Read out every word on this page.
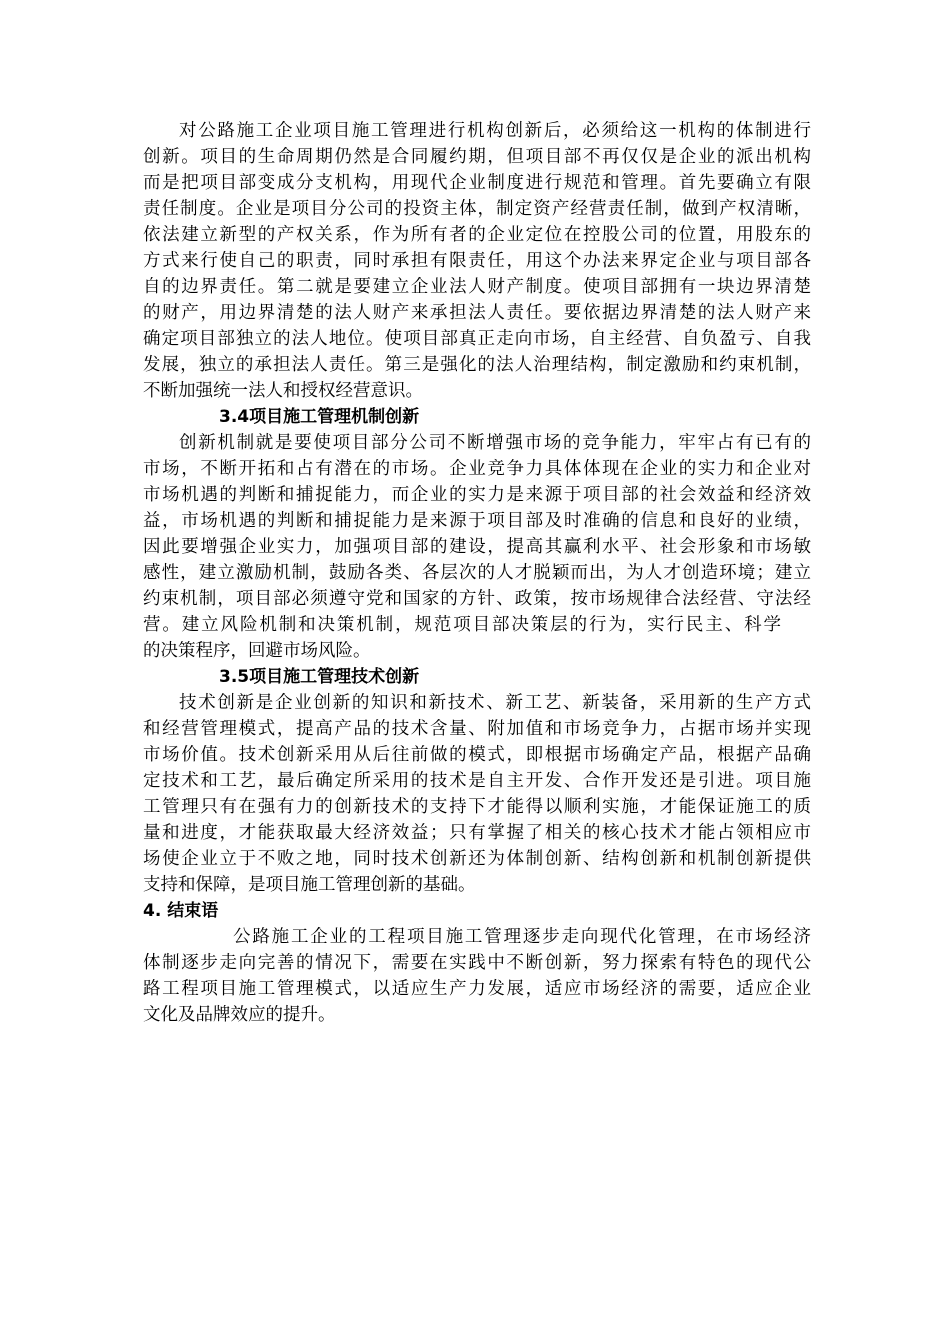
对公路施工企业项目施工管理进行机构创新后，必须给这一机构的体制进行
创新。项目的生命周期仍然是合同履约期，但项目部不再仅仅是企业的派出机构
而是把项目部变成分支机构，用现代企业制度进行规范和管理。首先要确立有限
责任制度。企业是项目分公司的投资主体，制定资产经营责任制，做到产权清晰，
依法建立新型的产权关系，作为所有者的企业定位在控股公司的位置，用股东的
方式来行使自己的职责，同时承担有限责任，用这个办法来界定企业与项目部各
自的边界责任。第二就是要建立企业法人财产制度。使项目部拥有一块边界清楚
的财产，用边界清楚的法人财产来承担法人责任。要依据边界清楚的法人财产来
确定项目部独立的法人地位。使项目部真正走向市场，自主经营、自负盈亏、自我
发展，独立的承担法人责任。第三是强化的法人治理结构，制定激励和约束机制，
不断加强统一法人和授权经营意识。
3.4项目施工管理机制创新
创新机制就是要使项目部分公司不断增强市场的竞争能力，牢牢占有已有的
市场，不断开拓和占有潜在的市场。企业竞争力具体体现在企业的实力和企业对
市场机遇的判断和捕捉能力，而企业的实力是来源于项目部的社会效益和经济效
益，市场机遇的判断和捕捉能力是来源于项目部及时准确的信息和良好的业绩，
因此要增强企业实力，加强项目部的建设，提高其赢利水平、社会形象和市场敏
感性，建立激励机制，鼓励各类、各层次的人才脱颖而出，为人才创造环境；建立
约束机制，项目部必须遵守党和国家的方针、政策，按市场规律合法经营、守法经
营。建立风险机制和决策机制，规范项目部决策层的行为，实行民主、科学
的决策程序，回避市场风险。
3.5项目施工管理技术创新
技术创新是企业创新的知识和新技术、新工艺、新装备，采用新的生产方式
和经营管理模式，提高产品的技术含量、附加值和市场竞争力，占据市场并实现
市场价值。技术创新采用从后往前做的模式，即根据市场确定产品，根据产品确
定技术和工艺，最后确定所采用的技术是自主开发、合作开发还是引进。项目施
工管理只有在强有力的创新技术的支持下才能得以顺利实施，才能保证施工的质
量和进度，才能获取最大经济效益；只有掌握了相关的核心技术才能占领相应市
场使企业立于不败之地，同时技术创新还为体制创新、结构创新和机制创新提供
支持和保障，是项目施工管理创新的基础。
4. 结束语
公路施工企业的工程项目施工管理逐步走向现代化管理，在市场经济
体制逐步走向完善的情况下，需要在实践中不断创新，努力探索有特色的现代公
路工程项目施工管理模式，以适应生产力发展，适应市场经济的需要，适应企业
文化及品牌效应的提升。
